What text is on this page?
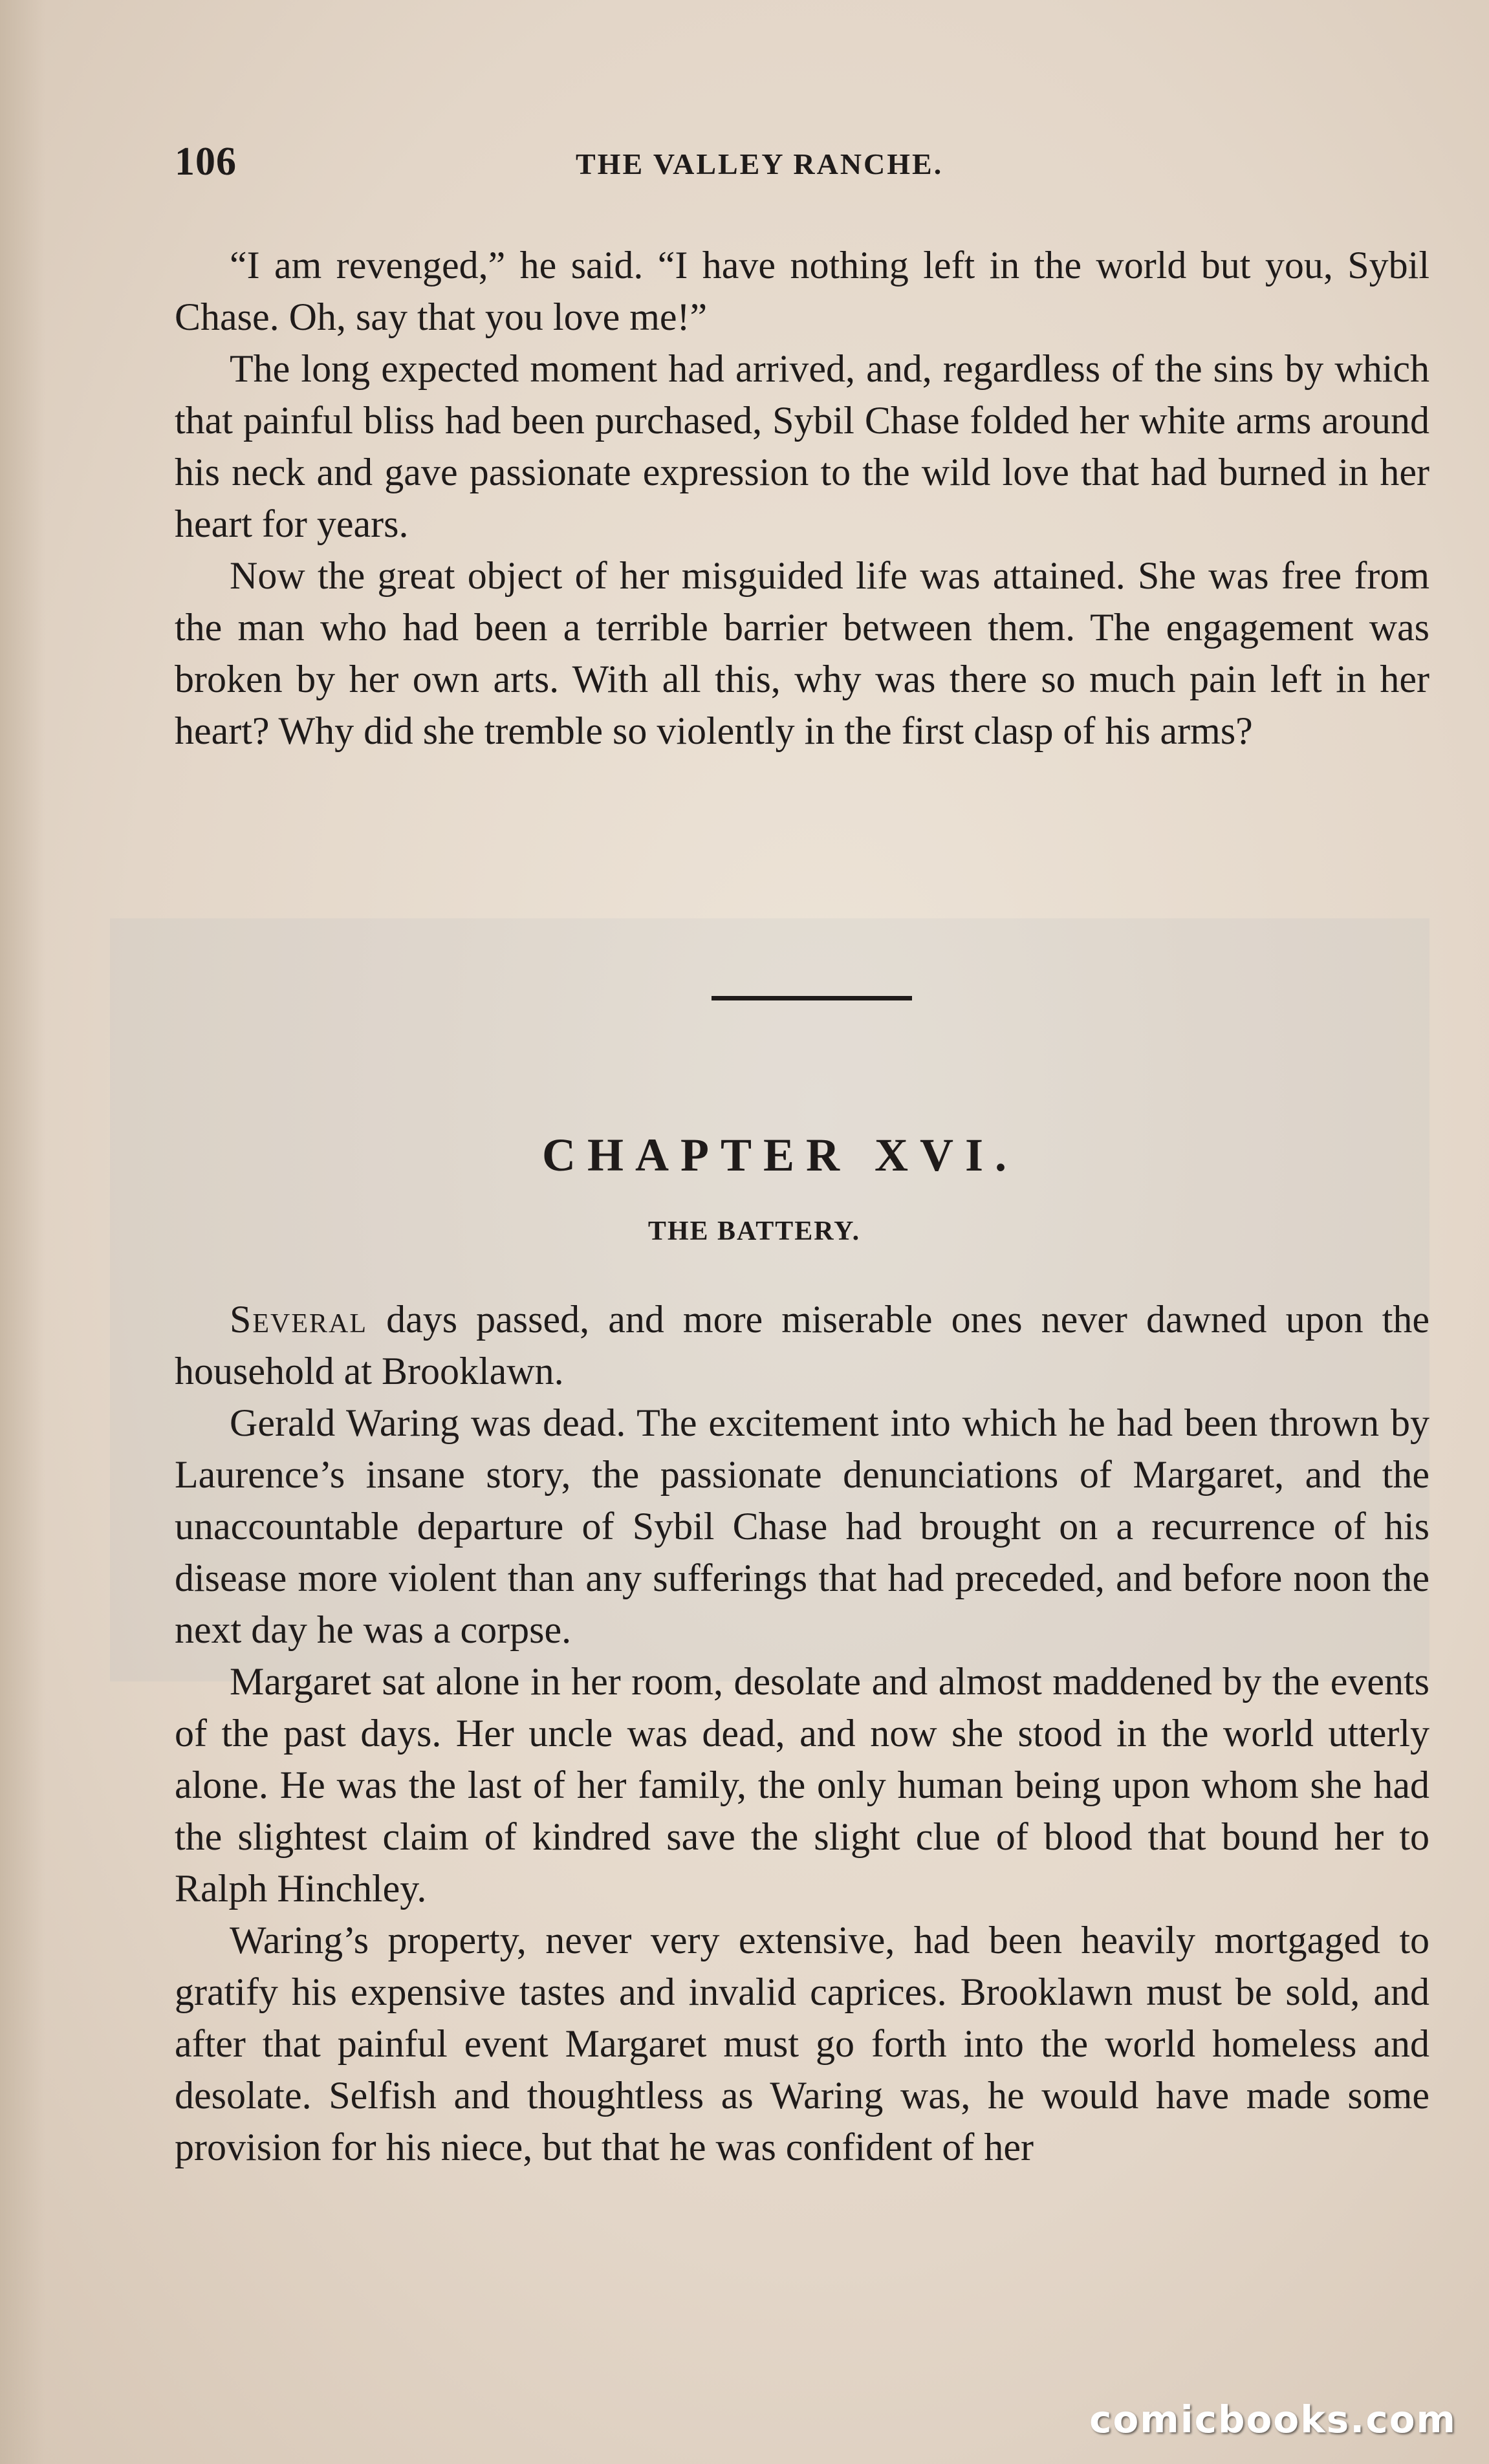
106	THE VALLEY RANCHE.

“I am revenged,” he said. “I have nothing left in the world but you, Sybil Chase. Oh, say that you love me!”

The long expected moment had arrived, and, regardless of the sins by which that painful bliss had been purchased, Sybil Chase folded her white arms around his neck and gave passionate expression to the wild love that had burned in her heart for years.

Now the great object of her misguided life was attained. She was free from the man who had been a terrible barrier between them. The engagement was broken by her own arts. With all this, why was there so much pain left in her heart? Why did she tremble so violently in the first clasp of his arms?

CHAPTER XVI.
THE BATTERY.

Several days passed, and more miserable ones never dawned upon the household at Brooklawn.

Gerald Waring was dead. The excitement into which he had been thrown by Laurence’s insane story, the passionate denunciations of Margaret, and the unaccountable departure of Sybil Chase had brought on a recurrence of his disease more violent than any sufferings that had preceded, and before noon the next day he was a corpse.

Margaret sat alone in her room, desolate and almost maddened by the events of the past days. Her uncle was dead, and now she stood in the world utterly alone. He was the last of her family, the only human being upon whom she had the slightest claim of kindred save the slight clue of blood that bound her to Ralph Hinchley.

Waring’s property, never very extensive, had been heavily mortgaged to gratify his expensive tastes and invalid caprices. Brooklawn must be sold, and after that painful event Margaret must go forth into the world homeless and desolate. Selfish and thoughtless as Waring was, he would have made some provision for his niece, but that he was confident of her

comicbooks.com
